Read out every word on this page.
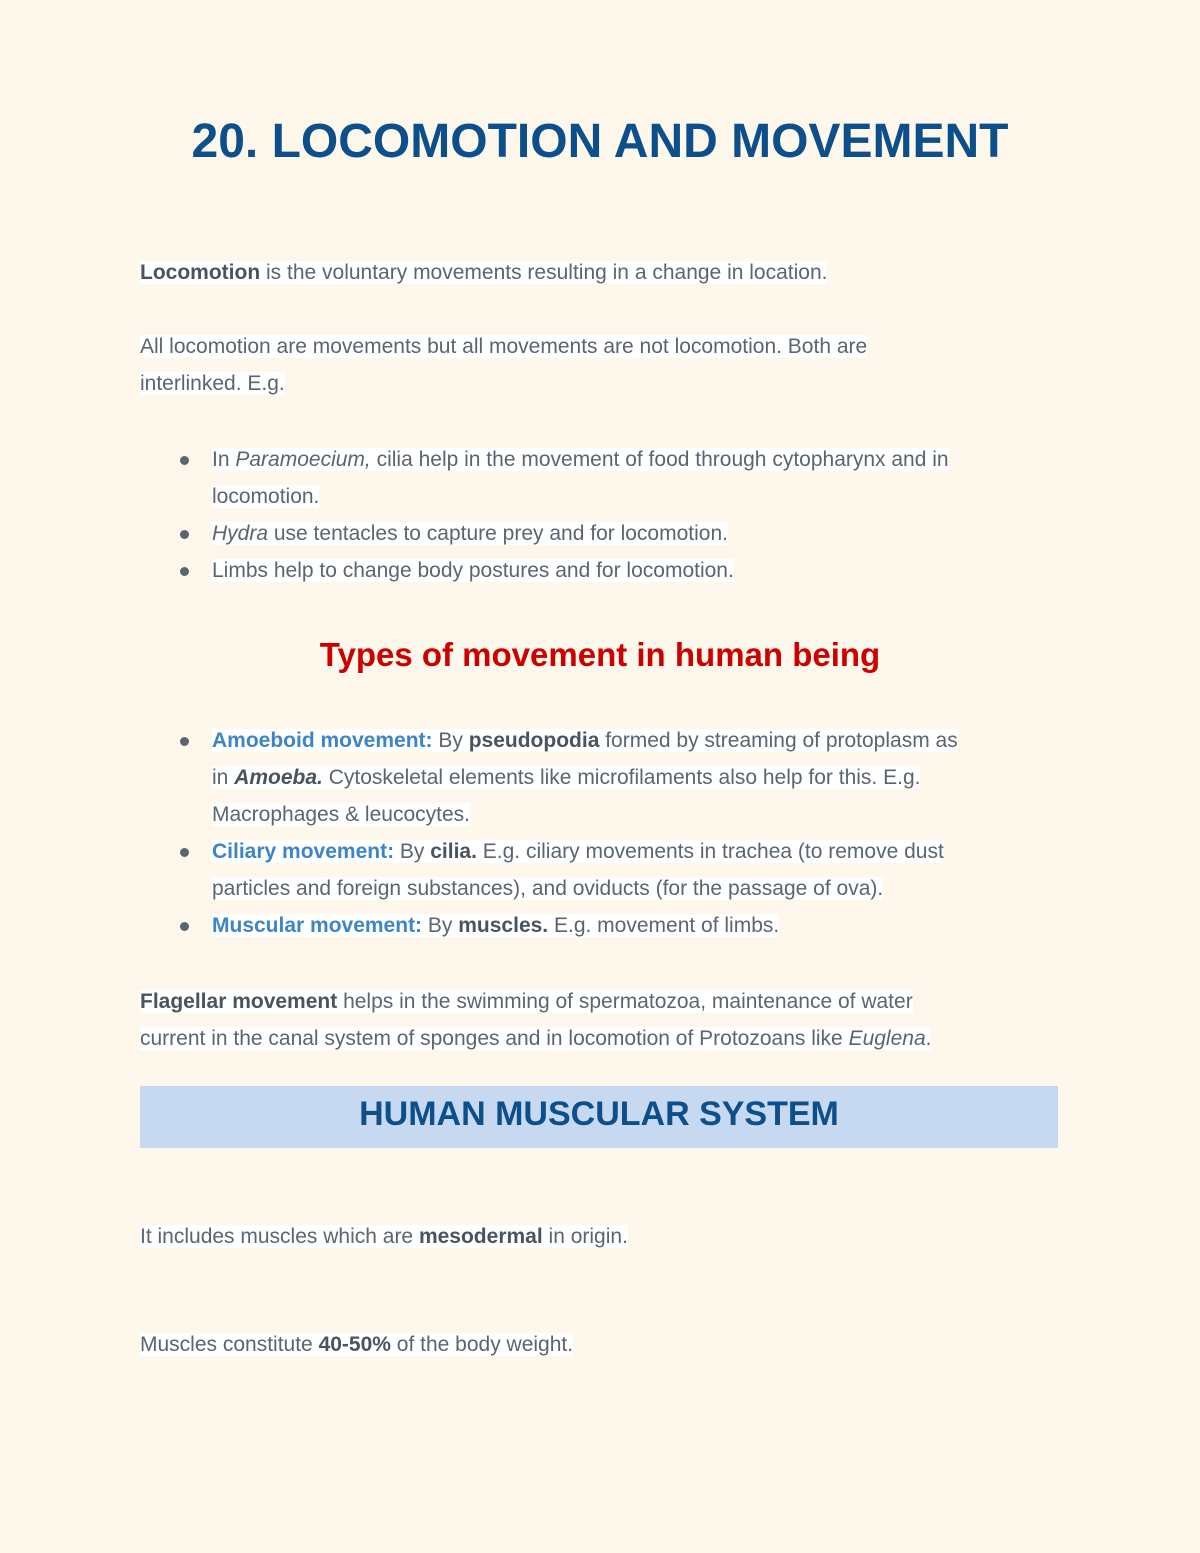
20. LOCOMOTION AND MOVEMENT

Locomotion is the voluntary movements resulting in a change in location.

All locomotion are movements but all movements are not locomotion. Both are
interlinked. E.g.

In Paramoecium, cilia help in the movement of food through cytopharynx and in
locomotion.
Hydra use tentacles to capture prey and for locomotion.
Limbs help to change body postures and for locomotion.
Types of movement in human being
Amoeboid movement: By pseudopodia formed by streaming of protoplasm as
in Amoeba. Cytoskeletal elements like microfilaments also help for this. E.g.
Macrophages & leucocytes.
Ciliary movement: By cilia. E.g. ciliary movements in trachea (to remove dust
particles and foreign substances), and oviducts (for the passage of ova).
Muscular movement: By muscles. E.g. movement of limbs.

Flagellar movement helps in the swimming of spermatozoa, maintenance of water
current in the canal system of sponges and in locomotion of Protozoans like Euglena.

HUMAN MUSCULAR SYSTEM

It includes muscles which are mesodermal in origin.

Muscles constitute 40-50% of the body weight.
